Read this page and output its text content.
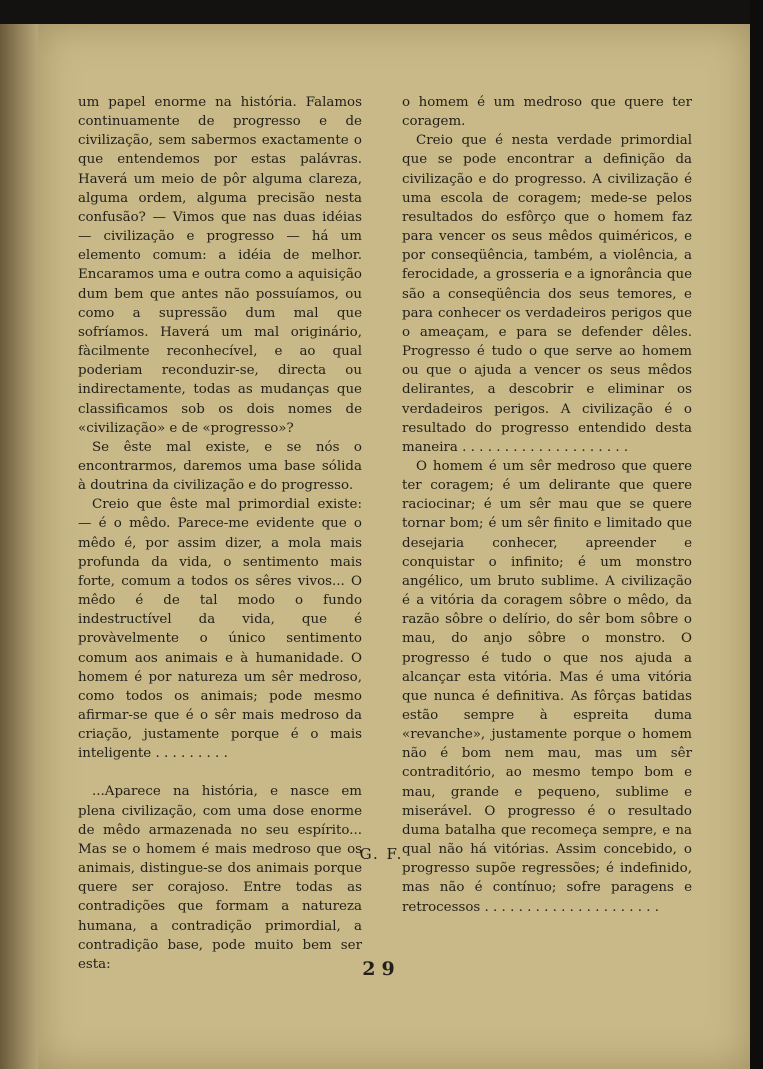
um papel enorme na história. Falamos continuamente de progresso e de civilização, sem sabermos exactamente o que entendemos por estas palávras. Haverá um meio de pôr alguma clareza, alguma ordem, alguma precisão nesta confusão? — Vimos que nas duas idéias — civilização e progresso — há um elemento comum: a idéia de melhor. Encaramos uma e outra como a aquisição dum bem que antes não possuíamos, ou como a supressão dum mal que sofríamos. Haverá um mal originário, fàcilmente reconhecível, e ao qual poderiam reconduzir-se, directa ou indirectamente, todas as mudanças que classificamos sob os dois nomes de «civilização» e de «progresso»?

Se êste mal existe, e se nós o encontrarmos, daremos uma base sólida à doutrina da civilização e do progresso.

Creio que êste mal primordial existe: — é o mêdo. Parece-me evidente que o mêdo é, por assim dizer, a mola mais profunda da vida, o sentimento mais forte, comum a todos os sêres vivos... O mêdo é de tal modo o fundo indestructível da vida, que é provàvelmente o único sentimento comum aos animais e à humanidade. O homem é por natureza um sêr medroso, como todos os animais; pode mesmo afirmar-se que é o sêr mais medroso da criação, justamente porque é o mais inteligente . . . . . . . . .

...Aparece na história, e nasce em plena civilização, com uma dose enorme de mêdo armazenada no seu espírito... Mas se o homem é mais medroso que os animais, distingue-se dos animais porque quere ser corajoso. Entre todas as contradições que formam a natureza humana, a contradição primordial, a contradição base, pode muito bem ser esta:

o homem é um medroso que quere ter coragem.

Creio que é nesta verdade primordial que se pode encontrar a definição da civilização e do progresso. A civilização é uma escola de coragem; mede-se pelos resultados do esfôrço que o homem faz para vencer os seus mêdos quiméricos, e por conseqüência, também, a violência, a ferocidade, a grosseria e a ignorância que são a conseqüência dos seus temores, e para conhecer os verdadeiros perigos que o ameaçam, e para se defender dêles. Progresso é tudo o que serve ao homem ou que o ajuda a vencer os seus mêdos delirantes, a descobrir e eliminar os verdadeiros perigos. A civilização é o resultado do progresso entendido desta maneira . . . . . . . . . . . . . . . . . . . .

O homem é um sêr medroso que quere ter coragem; é um delirante que quere raciocinar; é um sêr mau que se quere tornar bom; é um sêr finito e limitado que desejaria conhecer, apreender e conquistar o infinito; é um monstro angélico, um bruto sublime. A civilização é a vitória da coragem sôbre o mêdo, da razão sôbre o delírio, do sêr bom sôbre o mau, do anjo sôbre o monstro. O progresso é tudo o que nos ajuda a alcançar esta vitória. Mas é uma vitória que nunca é definitiva. As fôrças batidas estão sempre à espreita duma «revanche», justamente porque o homem não é bom nem mau, mas um sêr contraditório, ao mesmo tempo bom e mau, grande e pequeno, sublime e miserável. O progresso é o resultado duma batalha que recomeça sempre, e na qual não há vitórias. Assim concebido, o progresso supõe regressões; é indefinido, mas não é contínuo; sofre paragens e retrocessos . . . . . . . . . . . . . . . . . . . . .

G. F.
29
